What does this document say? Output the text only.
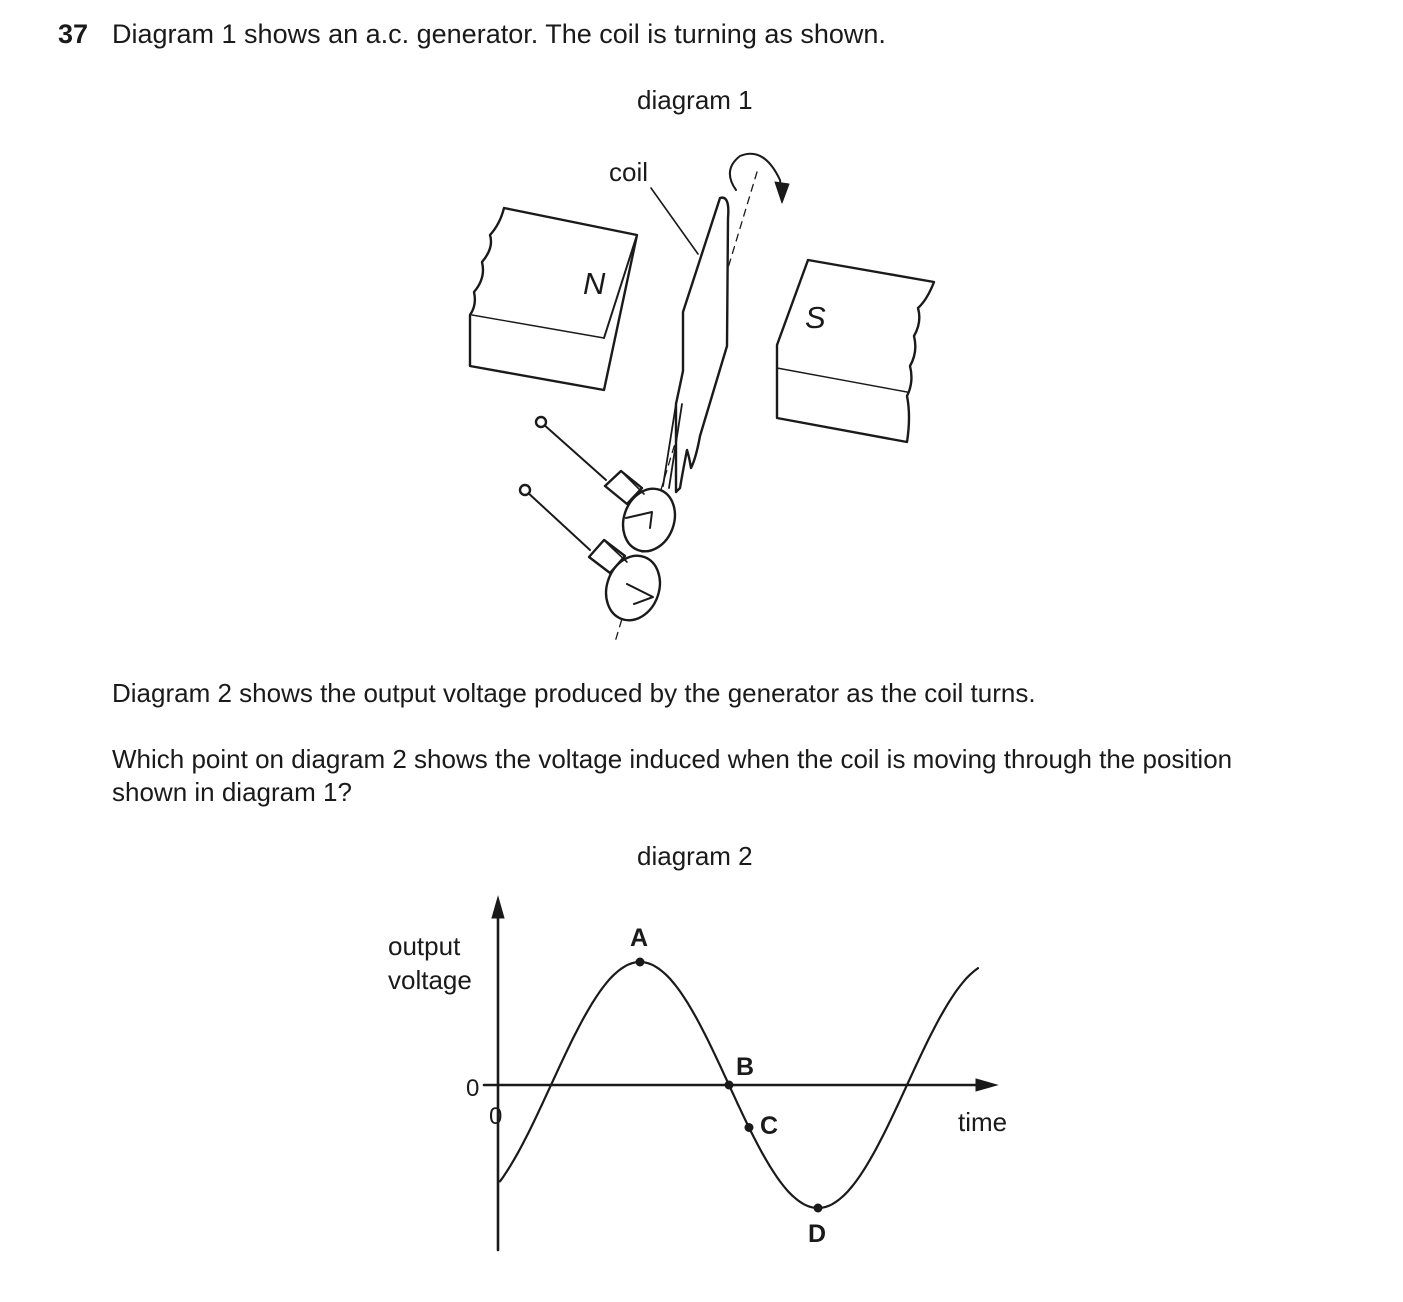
37 Diagram 1 shows an a.c. generator. The coil is turning as shown.
diagram 1
coil
N
S
Diagram 2 shows the output voltage produced by the generator as the coil turns.
Which point on diagram 2 shows the voltage induced when the coil is moving through the position
shown in diagram 1?
diagram 2
output
voltage
0
0	time
A
B
C
D
